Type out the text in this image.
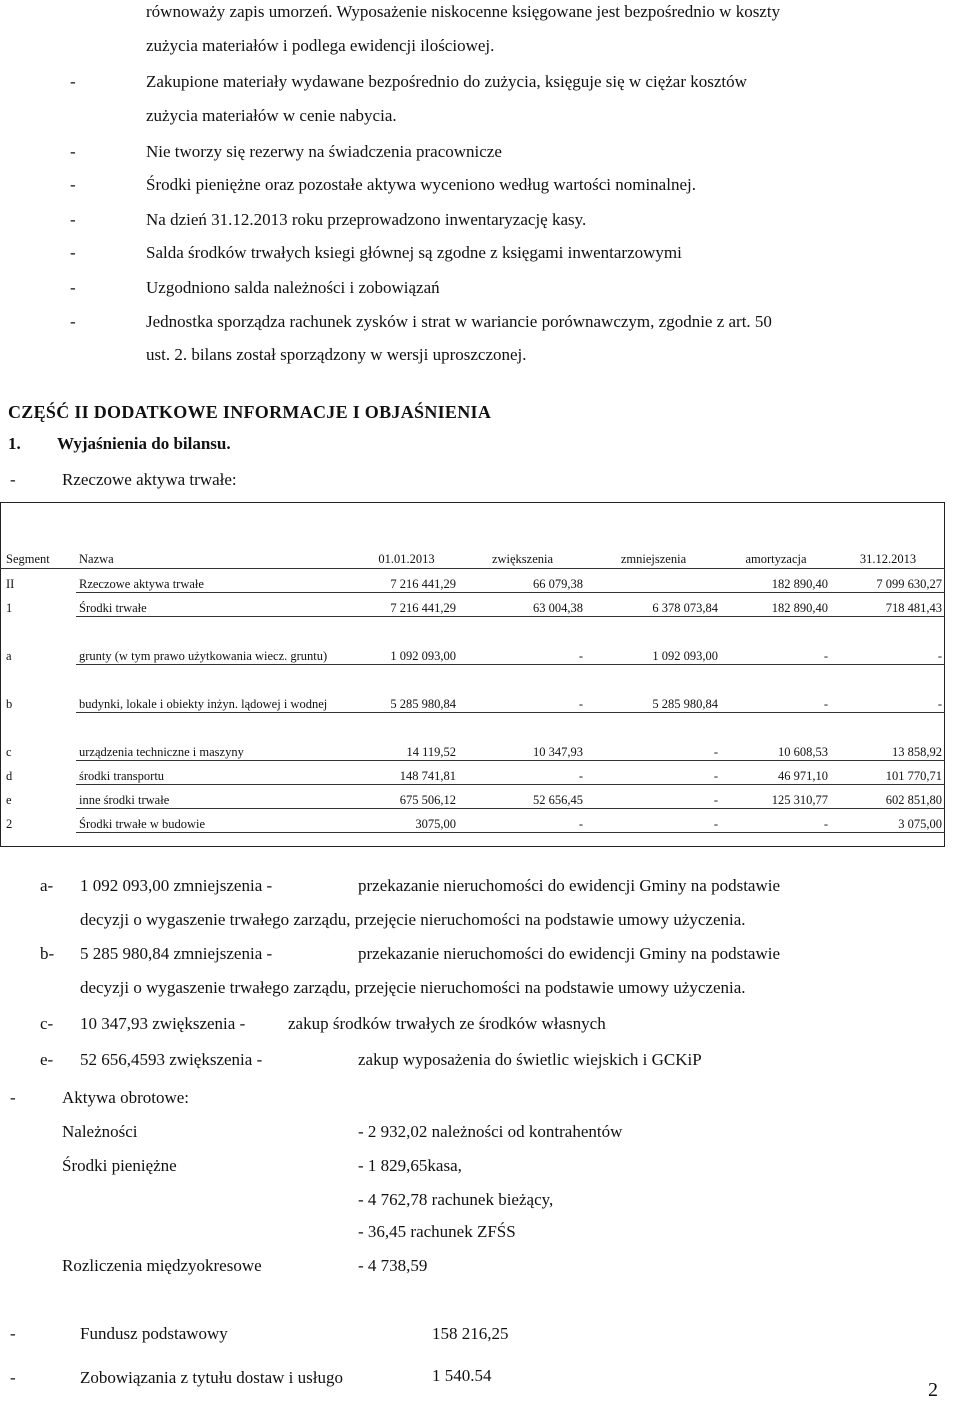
równoważy zapis umorzeń. Wyposażenie niskocenne księgowane jest bezpośrednio w koszty
zużycia materiałów i podlega ewidencji ilościowej.
-	Zakupione materiały wydawane bezpośrednio do zużycia, księguje się w ciężar kosztów
zużycia materiałów w cenie nabycia.
-	Nie tworzy się rezerwy na świadczenia pracownicze
-	Środki pieniężne oraz pozostałe aktywa wyceniono według wartości nominalnej.
-	Na dzień 31.12.2013 roku przeprowadzono inwentaryzację kasy.
-	Salda środków trwałych ksiegi głównej są zgodne z księgami inwentarzowymi
-	Uzgodniono salda należności i zobowiązań
-	Jednostka sporządza rachunek zysków i strat w wariancie porównawczym, zgodnie z art. 50
ust. 2. bilans został sporządzony w wersji uproszczonej.
CZĘŚĆ II DODATKOWE INFORMACJE I OBJAŚNIENIA
1. Wyjaśnienia do bilansu.
-	Rzeczowe aktywa trwałe:
Segment	Nazwa	01.01.2013	zwiększenia	zmniejszenia	amortyzacja	31.12.2013
II	Rzeczowe aktywa trwałe	7 216 441,29	66 079,38		182 890,40	7 099 630,27
1	Środki trwałe	7 216 441,29	63 004,38	6 378 073,84	182 890,40	718 481,43
a	grunty (w tym prawo użytkowania wiecz. gruntu)	1 092 093,00	-	1 092 093,00	-	-
b	budynki, lokale i obiekty inżyn. lądowej i wodnej	5 285 980,84	-	5 285 980,84	-	-
c	urządzenia techniczne i maszyny	14 119,52	10 347,93	-	10 608,53	13 858,92
d	środki transportu	148 741,81	-	-	46 971,10	101 770,71
e	inne środki trwałe	675 506,12	52 656,45	-	125 310,77	602 851,80
2	Środki trwałe w budowie	3075,00	-	-	-	3 075,00
a- 1 092 093,00 zmniejszenia -	przekazanie nieruchomości do ewidencji Gminy na podstawie
decyzji o wygaszenie trwałego zarządu, przejęcie nieruchomości na podstawie umowy użyczenia.
b- 5 285 980,84 zmniejszenia -	przekazanie nieruchomości do ewidencji Gminy na podstawie
decyzji o wygaszenie trwałego zarządu, przejęcie nieruchomości na podstawie umowy użyczenia.
c- 10 347,93 zwiększenia -	zakup środków trwałych ze środków własnych
e- 52 656,4593 zwiększenia -	zakup wyposażenia do świetlic wiejskich i GCKiP
-	Aktywa obrotowe:
Należności	- 2 932,02 należności od kontrahentów
Środki pieniężne	- 1 829,65kasa,
- 4 762,78 rachunek bieżący,
- 36,45 rachunek ZFŚS
Rozliczenia międzyokresowe	- 4 738,59
-	Fundusz podstawowy	158 216,25
-	Zobowiązania z tytułu dostaw i usługo	1 540.54
2
